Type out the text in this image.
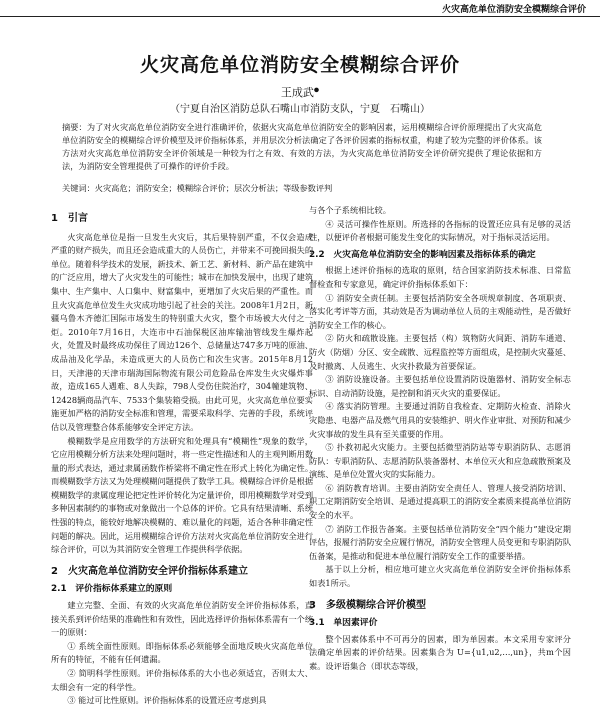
火灾高危单位消防安全模糊综合评价
火灾高危单位消防安全模糊综合评价
王成武●
（宁夏自治区消防总队石嘴山市消防支队，宁夏　石嘴山）
摘要：为了对火灾高危单位消防安全进行准确评价，依据火灾高危单位消防安全的影响因素，运用模糊综合评价原理提出了火灾高危单位消防安全的模糊综合评价模型及评价指标体系，并用层次分析法确定了各评价因素的指标权重，构建了较为完整的评价体系。该方法对火灾高危单位消防安全评价领域是一种较为行之有效、有效的方法，为火灾高危单位消防安全评价研究提供了理论依据和方法，为消防安全管理提供了可操作的评价手段。
关键词：火灾高危；消防安全；模糊综合评价；层次分析法；等级参数评判
1　引言

火灾高危单位是指一旦发生火灾后，其后果特别严重，不仅会造成严重的财产损失，而且还会造成重大的人员伤亡，并带来不可挽回损失的单位。随着科学技术的发展，新技术、新工艺、新材料、新产品在建筑中的广泛应用，增大了火灾发生的可能性；城市在加快发展中，出现了建筑集中、生产集中、人口集中、财富集中，更增加了火灾后果的严重性。而且火灾高危单位发生火灾成功地引起了社会的关注。2008年1月2日，新疆乌鲁木齐德汇国际市场发生的特别重大火灾，整个市场被大火付之一炬。2010年7月16日，大连市中石油保税区油库输油管线发生爆炸起火，处置及时最终成功保住了周边126个、总储量达747多万吨的原油、成品油及化学品，未造成更大的人员伤亡和次生灾害。2015年8月12日，天津港的天津市瑞海国际物流有限公司危险品仓库发生火灾爆炸事故，造成165人遇难、8人失踪，798人受伤住院治疗，304幢建筑物、12428辆商品汽车、7533个集装箱受损。由此可见，火灾高危单位要实施更加严格的消防安全标准和管理，需要采取科学、完善的手段，系统评估以及管理整合体系能够安全评定方法。

模糊数学是应用数学的方法研究和处理具有“模糊性”现象的数学，它应用模糊分析方法来处理问题时，将一些定性描述和人的主观判断用数量的形式表达，通过隶属函数作桥梁将不确定性在形式上转化为确定性。而模糊数学方法又为处理模糊问题提供了数学工具。模糊综合评价是根据模糊数学的隶属度理论把定性评价转化为定量评价，即用模糊数学对受到多种因素制约的事物或对象做出一个总体的评价。它具有结果清晰、系统性强的特点，能较好地解决模糊的、难以量化的问题，适合各种非确定性问题的解决。因此，运用模糊综合评价方法对火灾高危单位消防安全进行综合评价，可以为其消防安全管理工作提供科学依据。

2　火灾高危单位消防安全评价指标体系建立
2.1　评价指标体系建立的原则

建立完整、全面、有效的火灾高危单位消防安全评价指标体系，直接关系到评价结果的准确性和有效性，因此选择评价指标体系需有一个统一的原则：

① 系统全面性原则。即指标体系必须能够全面地反映火灾高危单位所有的特征，不能有任何遗漏。

② 简明科学性原则。评价指标体系的大小也必须适宜，否则太大、太细会有一定的科学性。

③ 能过可比性原则。评价指标体系的设置还应考虑到具

与各个子系统相比较。

④ 灵活可操作性原则。所选择的各指标的设置还应具有足够的灵活性，以便评价者根据可能发生变化的实际情况，对于指标灵活运用。

2.2　火灾高危单位消防安全的影响因素及指标体系的确定

根据上述评价指标的选取的原则，结合国家消防技术标准、日常监督检查和专家意见，确定评价指标体系如下：

① 消防安全责任制。主要包括消防安全各项规章制度、各项职责、落实化考评等方面，其动效是否为调动单位人员的主观能动性，是否做好消防安全工作的核心。

② 防火和疏散设施。主要包括（构）筑物防火间距、消防车通道、防火（防烟）分区、安全疏散、远程监控等方面组成，是控制火灾蔓延、及时撤离、人员逃生、火灾扑救最为首要保证。

③ 消防设施设备。主要包括单位设置消防设施器材、消防安全标志标识、自动消防设施，是控制和消灭火灾的重要保证。

④ 落实消防管理。主要通过消防自我检查、定期防火检查、消除火灾隐患、电器产品及燃气用具的安装维护、明火作业审批、对预防和减少火灾事故的发生具有至关重要的作用。

⑤ 扑救初起火灾能力。主要包括微型消防站等专职消防队、志愿消防队：专职消防队、志愿消防队装备器材、本单位灭火和应急疏散预案及演练、是单位处置火灾的实际能力。

⑥ 消防教育培训。主要由消防安全责任人、管理人接受消防培训、职工定期消防安全培训、是通过提高职工的消防安全素质来提高单位消防安全的水平。

⑦ 消防工作报告备案。主要包括单位消防安全“四个能力”建设定期评估，报履行消防安全应履行情况，消防安全管理人员变更和专职消防队伍备案，是推动和促进本单位履行消防安全工作的重要举措。

基于以上分析，相应地可建立火灾高危单位消防安全评价指标体系如表1所示。

3　多级模糊综合评价模型
3.1　单因素评价

整个因素体系中不可再分的因素，即为单因素。本文采用专家评分法确定单因素的评价结果。因素集合为 U={u1,u2,…,un}，共m个因素。设评语集合（即状态等级，
